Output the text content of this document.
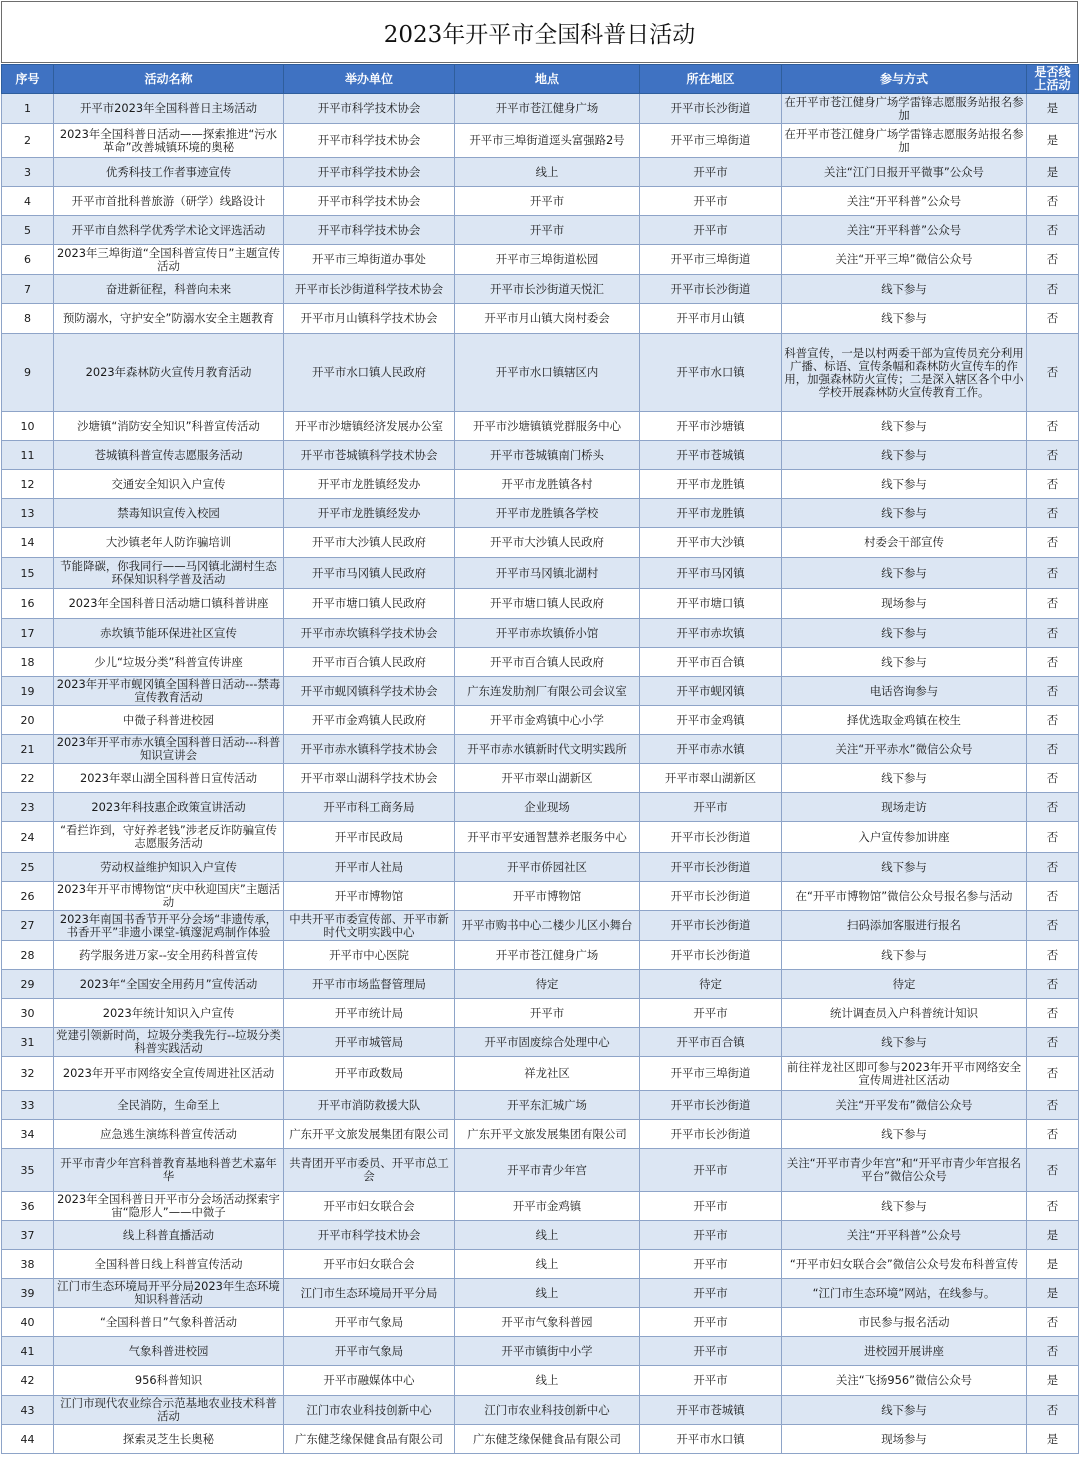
2023年开平市全国科普日活动
序号	活动名称	举办单位	地点	所在地区	参与方式	是否线上活动
1	开平市2023年全国科普日主场活动	开平市科学技术协会	开平市苍江健身广场	开平市长沙街道	在开平市苍江健身广场学雷锋志愿服务站报名参加	是
2	2023年全国科普日活动——探索推进“污水革命”改善城镇环境的奥秘	开平市科学技术协会	开平市三埠街道逕头富强路2号	开平市三埠街道	在开平市苍江健身广场学雷锋志愿服务站报名参加	是
3	优秀科技工作者事迹宣传	开平市科学技术协会	线上	开平市	关注“江门日报开平微事”公众号	是
4	开平市首批科普旅游（研学）线路设计	开平市科学技术协会	开平市	开平市	关注“开平科普”公众号	否
5	开平市自然科学优秀学术论文评选活动	开平市科学技术协会	开平市	开平市	关注“开平科普”公众号	否
6	2023年三埠街道“全国科普宣传日”主题宣传活动	开平市三埠街道办事处	开平市三埠街道松园	开平市三埠街道	关注“开平三埠”微信公众号	否
7	奋进新征程，科普向未来	开平市长沙街道科学技术协会	开平市长沙街道天悦汇	开平市长沙街道	线下参与	否
8	预防溺水，守护安全”防溺水安全主题教育	开平市月山镇科学技术协会	开平市月山镇大岗村委会	开平市月山镇	线下参与	否
9	2023年森林防火宣传月教育活动	开平市水口镇人民政府	开平市水口镇辖区内	开平市水口镇	科普宣传，一是以村两委干部为宣传员充分利用广播、标语、宣传条幅和森林防火宣传车的作用，加强森林防火宣传；二是深入辖区各个中小学校开展森林防火宣传教育工作。	否
10	沙塘镇“消防安全知识”科普宣传活动	开平市沙塘镇经济发展办公室	开平市沙塘镇镇党群服务中心	开平市沙塘镇	线下参与	否
11	苍城镇科普宣传志愿服务活动	开平市苍城镇科学技术协会	开平市苍城镇南门桥头	开平市苍城镇	线下参与	否
12	交通安全知识入户宣传	开平市龙胜镇经发办	开平市龙胜镇各村	开平市龙胜镇	线下参与	否
13	禁毒知识宣传入校园	开平市龙胜镇经发办	开平市龙胜镇各学校	开平市龙胜镇	线下参与	否
14	大沙镇老年人防诈骗培训	开平市大沙镇人民政府	开平市大沙镇人民政府	开平市大沙镇	村委会干部宣传	否
15	节能降碳，你我同行——马冈镇北湖村生态环保知识科学普及活动	开平市马冈镇人民政府	开平市马冈镇北湖村	开平市马冈镇	线下参与	否
16	2023年全国科普日活动塘口镇科普讲座	开平市塘口镇人民政府	开平市塘口镇人民政府	开平市塘口镇	现场参与	否
17	赤坎镇节能环保进社区宣传	开平市赤坎镇科学技术协会	开平市赤坎镇侨小馆	开平市赤坎镇	线下参与	否
18	少儿“垃圾分类”科普宣传讲座	开平市百合镇人民政府	开平市百合镇人民政府	开平市百合镇	线下参与	否
19	2023年开平市蚬冈镇全国科普日活动---禁毒宣传教育活动	开平市蚬冈镇科学技术协会	广东连发肋剂厂有限公司会议室	开平市蚬冈镇	电话咨询参与	否
20	中微子科普进校园	开平市金鸡镇人民政府	开平市金鸡镇中心小学	开平市金鸡镇	择优选取金鸡镇在校生	否
21	2023年开平市赤水镇全国科普日活动---科普知识宣讲会	开平市赤水镇科学技术协会	开平市赤水镇新时代文明实践所	开平市赤水镇	关注“开平赤水”微信公众号	否
22	2023年翠山湖全国科普日宣传活动	开平市翠山湖科学技术协会	开平市翠山湖新区	开平市翠山湖新区	线下参与	否
23	2023年科技惠企政策宣讲活动	开平市科工商务局	企业现场	开平市	现场走访	否
24	“看拦诈到，守好养老钱”涉老反诈防骗宣传志愿服务活动	开平市民政局	开平市平安通智慧养老服务中心	开平市长沙街道	入户宣传参加讲座	否
25	劳动权益维护知识入户宣传	开平市人社局	开平市侨园社区	开平市长沙街道	线下参与	否
26	2023年开平市博物馆“庆中秋迎国庆”主题活动	开平市博物馆	开平市博物馆	开平市长沙街道	在“开平市博物馆”微信公众号报名参与活动	否
27	2023年南国书香节开平分会场“非遗传承，书香开平”非遗小课堂-镇邃泥鸡制作体验	中共开平市委宣传部、开平市新时代文明实践中心	开平市购书中心二楼少儿区小舞台	开平市长沙街道	扫码添加客服进行报名	否
28	药学服务进万家--安全用药科普宣传	开平市中心医院	开平市苍江健身广场	开平市长沙街道	线下参与	否
29	2023年“全国安全用药月”宣传活动	开平市市场监督管理局	待定	待定	待定	否
30	2023年统计知识入户宣传	开平市统计局	开平市	开平市	统计调查员入户科普统计知识	否
31	党建引领新时尚，垃圾分类我先行--垃圾分类科普实践活动	开平市城管局	开平市固废综合处理中心	开平市百合镇	线下参与	否
32	2023年开平市网络安全宣传周进社区活动	开平市政数局	祥龙社区	开平市三埠街道	前往祥龙社区即可参与2023年开平市网络安全宣传周进社区活动	否
33	全民消防，生命至上	开平市消防救援大队	开平东汇城广场	开平市长沙街道	关注“开平发布”微信公众号	否
34	应急逃生演练科普宣传活动	广东开平文旅发展集团有限公司	广东开平文旅发展集团有限公司	开平市长沙街道	线下参与	否
35	开平市青少年宫科普教育基地科普艺术嘉年华	共青团开平市委员、开平市总工会	开平市青少年宫	开平市	关注“开平市青少年宫”和“开平市青少年宫报名平台”微信公众号	否
36	2023年全国科普日开平市分会场活动探索宇宙“隐形人”——中微子	开平市妇女联合会	开平市金鸡镇	开平市	线下参与	否
37	线上科普直播活动	开平市科学技术协会	线上	开平市	关注“开平科普”公众号	是
38	全国科普日线上科普宣传活动	开平市妇女联合会	线上	开平市	“开平市妇女联合会”微信公众号发布科普宣传	是
39	江门市生态环境局开平分局2023年生态环境知识科普活动	江门市生态环境局开平分局	线上	开平市	“江门市生态环境”网站，在线参与。	是
40	“全国科普日”气象科普活动	开平市气象局	开平市气象科普园	开平市	市民参与报名活动	否
41	气象科普进校园	开平市气象局	开平市镇街中小学	开平市	进校园开展讲座	否
42	956科普知识	开平市融媒体中心	线上	开平市	关注“飞扬956”微信公众号	是
43	江门市现代农业综合示范基地农业技术科普活动	江门市农业科技创新中心	江门市农业科技创新中心	开平市苍城镇	线下参与	否
44	探索灵芝生长奥秘	广东健芝缘保健食品有限公司	广东健芝缘保健食品有限公司	开平市水口镇	现场参与	是
